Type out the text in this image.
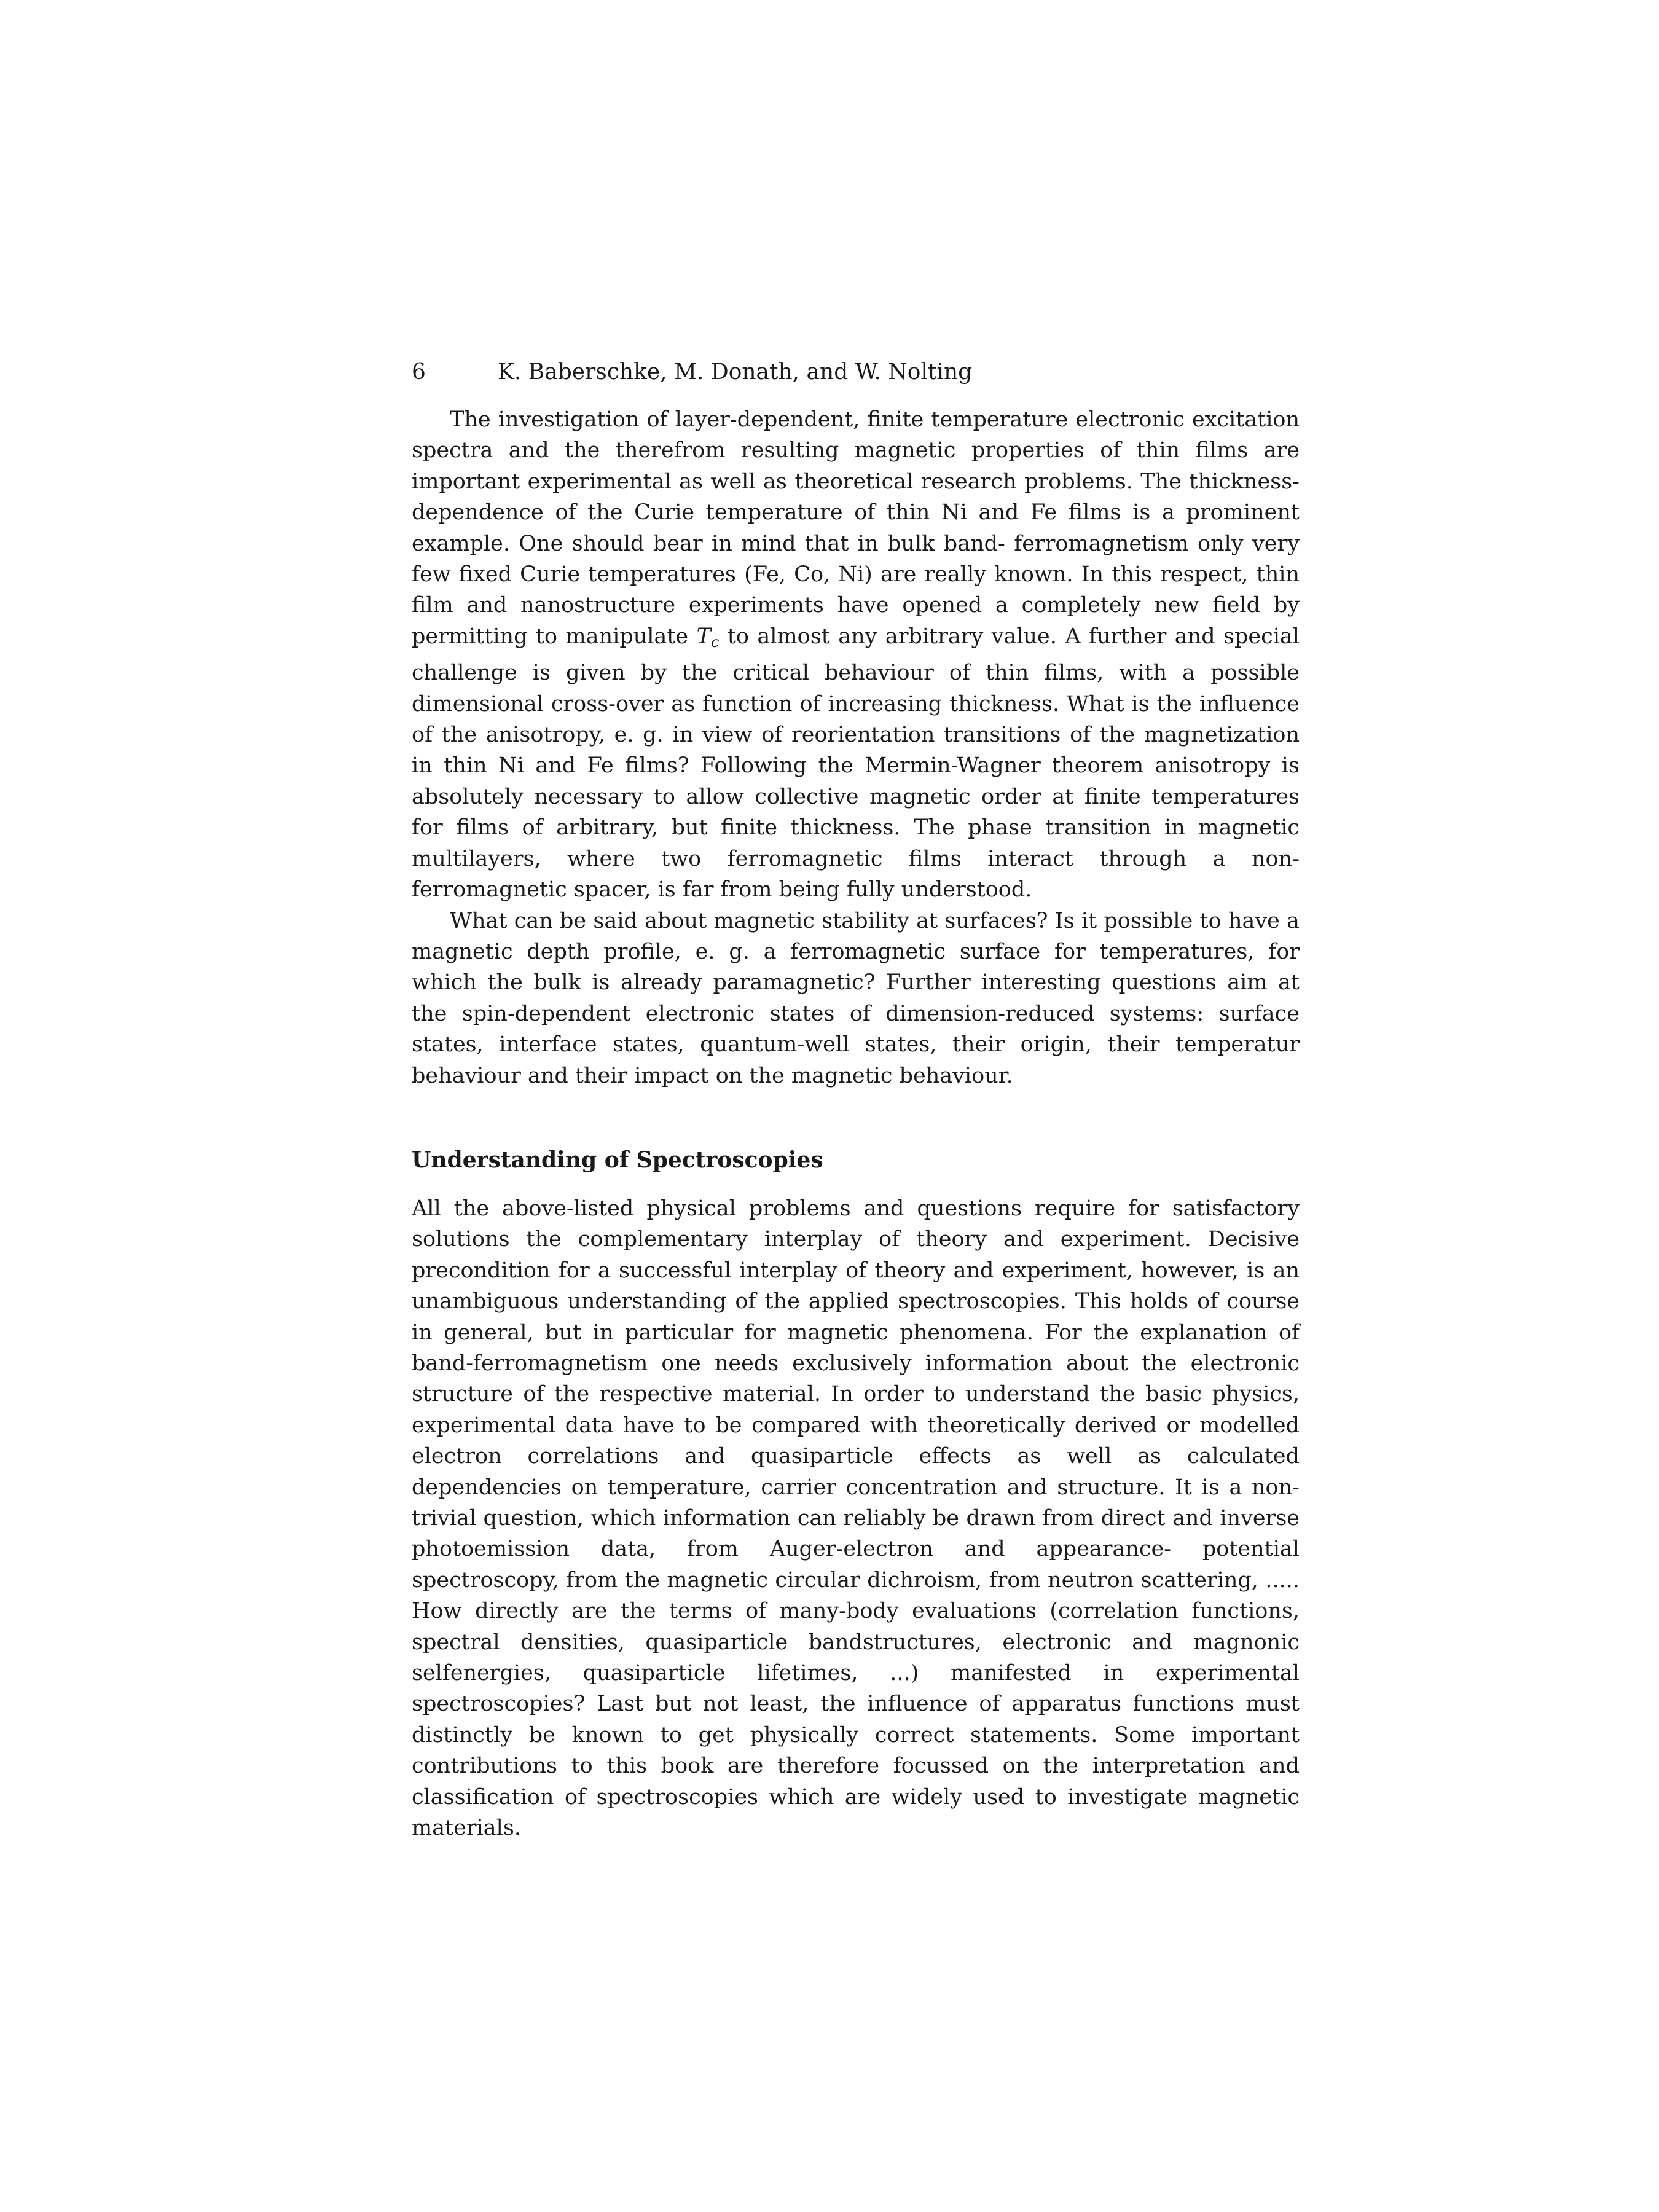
6	K. Baberschke, M. Donath, and W. Nolting

The investigation of layer-dependent, finite temperature electronic excitation spectra and the therefrom resulting magnetic properties of thin films are important experimental as well as theoretical research problems. The thickness-dependence of the Curie temperature of thin Ni and Fe films is a prominent example. One should bear in mind that in bulk band- ferromagnetism only very few fixed Curie temperatures (Fe, Co, Ni) are really known. In this respect, thin film and nanostructure experiments have opened a completely new field by permitting to manipulate Tc to almost any arbitrary value. A further and special challenge is given by the critical behaviour of thin films, with a possible dimensional cross-over as function of increasing thickness. What is the influence of the anisotropy, e. g. in view of reorientation transitions of the magnetization in thin Ni and Fe films? Following the Mermin-Wagner theorem anisotropy is absolutely necessary to allow collective magnetic order at finite temperatures for films of arbitrary, but finite thickness. The phase transition in magnetic multilayers, where two ferromagnetic films interact through a non-ferromagnetic spacer, is far from being fully understood.

What can be said about magnetic stability at surfaces? Is it possible to have a magnetic depth profile, e. g. a ferromagnetic surface for temperatures, for which the bulk is already paramagnetic? Further interesting questions aim at the spin-dependent electronic states of dimension-reduced systems: surface states, interface states, quantum-well states, their origin, their temperatur behaviour and their impact on the magnetic behaviour.

Understanding of Spectroscopies

All the above-listed physical problems and questions require for satisfactory solutions the complementary interplay of theory and experiment. Decisive precondition for a successful interplay of theory and experiment, however, is an unambiguous understanding of the applied spectroscopies. This holds of course in general, but in particular for magnetic phenomena. For the explanation of band-ferromagnetism one needs exclusively information about the electronic structure of the respective material. In order to understand the basic physics, experimental data have to be compared with theoretically derived or modelled electron correlations and quasiparticle effects as well as calculated dependencies on temperature, carrier concentration and structure. It is a non-trivial question, which information can reliably be drawn from direct and inverse photoemission data, from Auger-electron and appearance- potential spectroscopy, from the magnetic circular dichroism, from neutron scattering, ..... How directly are the terms of many-body evaluations (correlation functions, spectral densities, quasiparticle bandstructures, electronic and magnonic selfenergies, quasiparticle lifetimes, ...) manifested in experimental spectroscopies? Last but not least, the influence of apparatus functions must distinctly be known to get physically correct statements. Some important contributions to this book are therefore focussed on the interpretation and classification of spectroscopies which are widely used to investigate magnetic materials.
